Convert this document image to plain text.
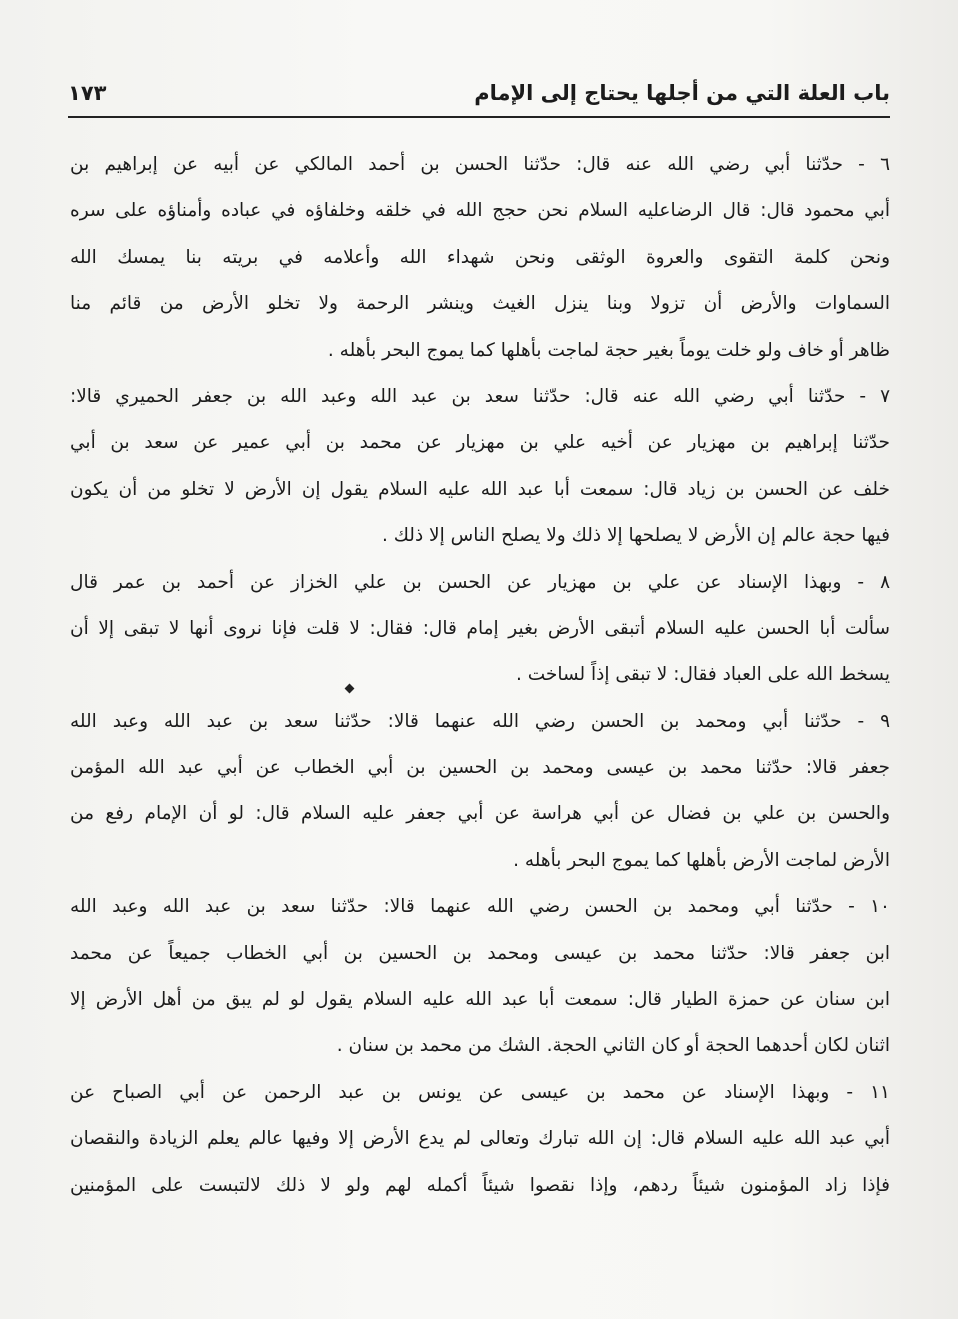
باب العلة التي من أجلها يحتاج إلى الإمام
١٧٣
٦ - حدّثنا أبي رضي الله عنه قال: حدّثنا الحسن بن أحمد المالكي عن أبيه عن إبراهيم بن
أبي محمود قال: قال الرضاعليه السلام نحن حجج الله في خلقه وخلفاؤه في عباده وأمناؤه على سره
ونحن كلمة التقوى والعروة الوثقى ونحن شهداء الله وأعلامه في بريته بنا يمسك الله
السماوات والأرض أن تزولا وبنا ينزل الغيث وينشر الرحمة ولا تخلو الأرض من قائم منا
ظاهر أو خاف ولو خلت يوماً بغير حجة لماجت بأهلها كما يموج البحر بأهله .
٧ - حدّثنا أبي رضي الله عنه قال: حدّثنا سعد بن عبد الله وعبد الله بن جعفر الحميري قالا:
حدّثنا إبراهيم بن مهزيار عن أخيه علي بن مهزيار عن محمد بن أبي عمير عن سعد بن أبي
خلف عن الحسن بن زياد قال: سمعت أبا عبد الله عليه السلام يقول إن الأرض لا تخلو من أن يكون
فيها حجة عالم إن الأرض لا يصلحها إلا ذلك ولا يصلح الناس إلا ذلك .
٨ - وبهذا الإسناد عن علي بن مهزيار عن الحسن بن علي الخزاز عن أحمد بن عمر قال
سألت أبا الحسن عليه السلام أتبقى الأرض بغير إمام قال: فقال: لا قلت فإنا نروى أنها لا تبقى إلا أن
يسخط الله على العباد فقال: لا تبقى إذاً لساخت .
٩ - حدّثنا أبي ومحمد بن الحسن رضي الله عنهما قالا: حدّثنا سعد بن عبد الله وعبد الله
جعفر قالا: حدّثنا محمد بن عيسى ومحمد بن الحسين بن أبي الخطاب عن أبي عبد الله المؤمن
والحسن بن علي بن فضال عن أبي هراسة عن أبي جعفر عليه السلام قال: لو أن الإمام رفع من
الأرض لماجت الأرض بأهلها كما يموج البحر بأهله .
١٠ - حدّثنا أبي ومحمد بن الحسن رضي الله عنهما قالا: حدّثنا سعد بن عبد الله وعبد الله
ابن جعفر قالا: حدّثنا محمد بن عيسى ومحمد بن الحسين بن أبي الخطاب جميعاً عن محمد
ابن سنان عن حمزة الطيار قال: سمعت أبا عبد الله عليه السلام يقول لو لم يبق من أهل الأرض إلا
اثنان لكان أحدهما الحجة أو كان الثاني الحجة. الشك من محمد بن سنان .
١١ - وبهذا الإسناد عن محمد بن عيسى عن يونس بن عبد الرحمن عن أبي الصباح عن
أبي عبد الله عليه السلام قال: إن الله تبارك وتعالى لم يدع الأرض إلا وفيها عالم يعلم الزيادة والنقصان
فإذا زاد المؤمنون شيئاً ردهم، وإذا نقصوا شيئاً أكمله لهم ولو لا ذلك لالتبست على المؤمنين
